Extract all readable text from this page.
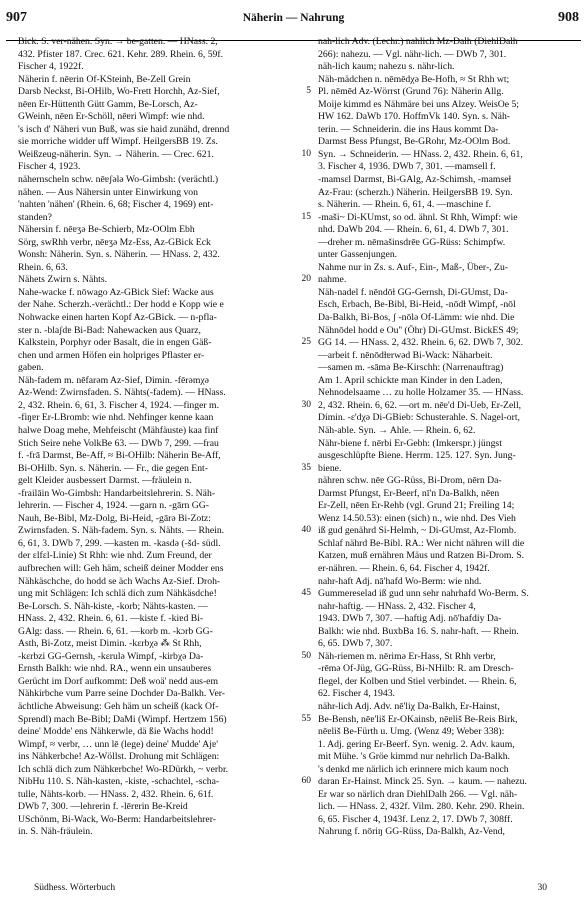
907	Näherin — Nahrung	908
Bick. S. ver-nähen. Syn. → be-gatten. — HNass. 2,
432. Pfister 187. Crec. 621. Kehr. 289. Rhein. 6, 59f.
Fischer 4, 1922f.
Näherin f. nēɐrin Of-KSteinh, Be-Zell Grein
Darsb Neckst, Bi-OHilb, Wo-Frett Horchh, Az-Sief,
nēɐn Er-Hüttenth Gütt Gamm, Be-Lorsch, Az-
GWeinh, nēɐn Er-Schöll, nēɐri Wimpf: wie nhd.
's isch d' Nähɐri vun Buß, was sie haid zunähd, drennd
sie morriche widder uff Wimpf. HeilgersBB 19. Zs.
Weißzeug-nähɐrin. Syn. → Nähɐrin. — Crec. 621.
Fischer 4, 1923.
nähernscheln schw. nēɐʃǝlǝ Wo-Gimbsh: (verächtl.)
nähen. — Aus Nähɐrsin unter Einwirkung von
'nahten 'nähen' (Rhein. 6, 68; Fischer 4, 1969) ent-
standen?
Nähersin f. nēɐʒǝ Be-Schierb, Mz-OOlm Ebh
Sörg, swRhh verbr, nēɐʒǝ Mz-Ess, Az-GBick Eck
Wonsh: Näherin. Syn. s. Nähɐrin. — HNass. 2, 432.
Rhein. 6, 63.
Nähets Zwirn s. Nähts.
Nahe-wacke f. nōwago Az-GBick Sief: Wacke aus
der Nahe. Scherzh.-verächtl.: Der hodd e Kopp wie e
Nohwacke einen harten Kopf Az-GBick. — n-pfla-
ster n. -blaʃdɐ Bi-Bad: Nahewacken aus Quarz,
Kalkstein, Porphyr oder Basalt, die in engen Gäß-
chen und armen Höfen ein holpriges Pflaster er-
gaben.
Näh-fadem m. nēfarǝm Az-Sief, Dimin. -fērǝmχǝ
Az-Wend: Zwirnsfaden. S. Nähts(-fadem). — HNass.
2, 432. Rhein. 6, 61, 3. Fischer 4, 1924. —finger m.
-fiŋɐr Er-LBromb: wie nhd. Nehfinger kenne kaan
halwe Doag mehe, Mehfeischt (Mähfäuste) kaa finf
Stich Seire nehe VolkBe 63. — DWb 7, 299. —frau
f. -frā Darmst, Be-Aff, ≈ Bi-OHilb: Näherin Be-Aff,
Bi-OHilb. Syn. s. Nähɐrin. — Fr., die gegen Ent-
gelt Kleider ausbessert Darmst. —fräulein n.
-frailāin Wo-Gimbsh: Handarbeitslehrerin. S. Näh-
lehrerin. — Fischer 4, 1924. —garn n. -gārn GG-
Nauh, Be-Bibl, Mz-Dolg, Bi-Heid, -gārǝ Bi-Zotz:
Zwirnsfaden. S. Näh-fadem. Syn. s. Nähts. — Rhein.
6, 61, 3. DWb 7, 299. —kasten m. -kasdǝ (-šd- südl.
der ɛlfɛl-Linie) St Rhh: wie nhd. Zum Freund, der
aufbrechen will: Geh häm, scheiß deiner Modder ens
Nähkäschche, do hodd se äch Wachs Az-Sief. Droh-
ung mit Schlägen: Ich schlä dich zum Nähkäsdche!
Be-Lorsch. S. Näh-kiste, -korb; Nähts-kasten. —
HNass. 2, 432. Rhein. 6, 61. —kiste f. -kiɐd Bi-
GAlg: dass. — Rhein. 6, 61. —korb m. -kɔrb GG-
Asth, Bi-Zotz, meist Dimin. -kɛrbχǝ ⁂ St Rhh,
-kɛrbzi GG-Gernsh, -kɛrulǝ Wimpf, -kirbχǝ Da-
Ernsth Balkh: wie nhd. RA., wenn ein unsauberes
Gerücht im Dorf aufkommt: Deß woä' nedd aus-em
Nähkirbche vum Parre seine Dochder Da-Balkh. Ver-
ächtliche Abweisung: Geh häm un scheiß (kack Of-
Sprendl) mach Be-Bibl; DaMi (Wimpf. Hertzem 156)
deine' Modde' ens Nähkɐrwle, dä ßie Wachs hodd!
Wimpf, ≈ verbr, … unn lē (lege) deine' Mudde' Ajɐ'
ins Nähkɐrbche! Az-Wöllst. Drohung mit Schlägen:
Ich schlä dich zum Nähkɐrbche! Wo-RDürkh, ~ verbr.
NibHu 110. S. Näh-kasten, -kiste, -schachtel, -scha-
tulle, Nähts-korb. — HNass. 2, 432. Rhein. 6, 61f.
DWb 7, 300. —lehrerin f. -lērɐrin Be-Kreid
USchönm, Bi-Wack, Wo-Berm: Handarbeitslehrer-
in. S. Näh-fräulein.
5
10
15
20
25
30
35
40
45
50
55
60
nah-lich Adv. (Lechr.) nahlich Mz-Dalh (DiehlDalh
266): nahezu. — Vgl. nähr-lich. — DWb 7, 301.
näh-lich kaum; nahezu s. nähr-lich.
Näh-mädchen n. nēmēdχǝ Be-Hofh, ≈ St Rhh wt;
Pl. nēmēd Az-Wörrst (Grund 76): Näherin Allg.
Moije kimmd es Nähmäre bei uns Alzey. WeisOe 5;
HW 162. DaWb 170. HoffmVk 140. Syn. s. Näh-
terin. — Schneiderin. die ins Haus kommt Da-
Darmst Bess Pfungst, Be-GRohr, Mz-OOlm Bod.
Syn. → Schneiderin. — HNass. 2, 432. Rhein. 6, 61,
3. Fischer 4, 1936. DWb 7, 301. —mamsell f.
-mamsɛl Darmst, Bi-GAlg, Az-Schimsh, -mamseɫ
Az-Frau: (scherzh.) Näherin. HeilgersBB 19. Syn.
s. Nähɐrin. — Rhein. 6, 61, 4. —maschine f.
-maši~ Di-KUmst, so od. ähnl. St Rhh, Wimpf: wie
nhd. DaWb 204. — Rhein. 6, 61, 4. DWb 7, 301.
—dreher m. nēmašinsdrēɐ GG-Rüss: Schimpfw.
unter Gassenjungen.
Nahme nur in Zs. s. Auf-, Ein-, Maß-, Über-, Zu-
nahme.
Näh-nadel f. nēndōɫ GG-Gernsh, Di-GUmst, Da-
Esch, Erbach, Be-Bibl, Bi-Heid, -nōdɫ Wimpf, -nōl
Da-Balkh, Bi-Bos, ʃ -nōlǝ Of-Lämm: wie nhd. Die
Nähnōdel hodd e Ou'' (Öhr) Di-GUmst. BickES 49;
GG 14. — HNass. 2, 432. Rhein. 6, 62. DWb 7, 302.
—arbeit f. nēnōdɫɐrwǝd Bi-Wack: Näharbeit.
—samen m. -sāmǝ Be-Kirschh: (Narrenauftrag)
Am 1. April schickte man Kinder in den Laden,
Nehnodelsaame … zu holle Holzamer 35. — HNass.
2, 432. Rhein. 6, 62. —ort m. nēɐ'd Di-Ueb, Er-Zell,
Dimin. -ɛ'dχǝ Di-GBieb: Schusterahle. S. Nagel-ort,
Näh-able. Syn. → Ahle. — Rhein. 6, 62.
Nähr-biene f. nērbi Er-Gebh: (Imkerspr.) jüngst
ausgeschlüpfte Biene. Herrm. 125. 127. Syn. Jung-
biene.
nähren schw. nēɐ GG-Rüss, Bi-Drom, nērn Da-
Darmst Pfungst, Er-Beerf, nī'n Da-Balkh, nēɐn
Er-Zell, nēɐn Er-Rehb (vgl. Grund 21; Freiling 14;
Wenz 14.50.53): einen (sich) n., wie nhd. Des Vieh
iß gud genährd Si-Helmh, ~ Di-GUmst, Az-Flomb.
Schlaf nährd Be-Bibl. RA.: Wer nicht nähren will die
Katzen, muß ernähren Mäus und Ratzen Bi-Drom. S.
er-nähren. — Rhein. 6, 64. Fischer 4, 1942f.
nahr-haft Adj. nā'hafd Wo-Berm: wie nhd.
Gummereselad iß gud unn sehr nahrhafd Wo-Berm. S.
nahr-haftig. — HNass. 2, 432. Fischer 4,
1943. DWb 7, 307. —haftig Adj. nō'hafdiy Da-
Balkh: wie nhd. BuxbBa 16. S. nahr-haft. — Rhein.
6, 65. DWb 7, 307.
Näh-riemen m. nērimǝ Er-Hass, St Rhh verbr,
-rēmǝ Of-Jüg, GG-Rüss, Bi-NHilb: R. am Dresch-
flegel, der Kolben und Stiel verbindet. — Rhein. 6,
62. Fischer 4, 1943.
nähr-lich Adj. Adv. nē'liχ Da-Balkh, Er-Hainst,
Be-Bensh, nēɐ'liš Er-OKainsb, nēɐliš Be-Reis Birk,
nēɐliš Be-Fürth u. Umg. (Wenz 49; Weber 338):
1. Adj. gering Er-Beerf. Syn. wenig. 2. Adv. kaum,
mit Mühe. 's Gröe kimmd nur nehrlich Da-Balkh.
's denkd mɐ närlich ich erinnere mich kaum noch
daran Er-Hainst. Minck 25. Syn. → kaum. — nahezu.
Er war so närlich dran DiehlDalh 266. — Vgl. näh-
lich. — HNass. 2, 432f. Vilm. 280. Kehr. 290. Rhein.
6, 65. Fischer 4, 1943f. Lenz 2, 17. DWb 7, 308ff.
Nahrung f. nōriŋ GG-Rüss, Da-Balkh, Az-Vend,
Südhess. Wörterbuch	30
